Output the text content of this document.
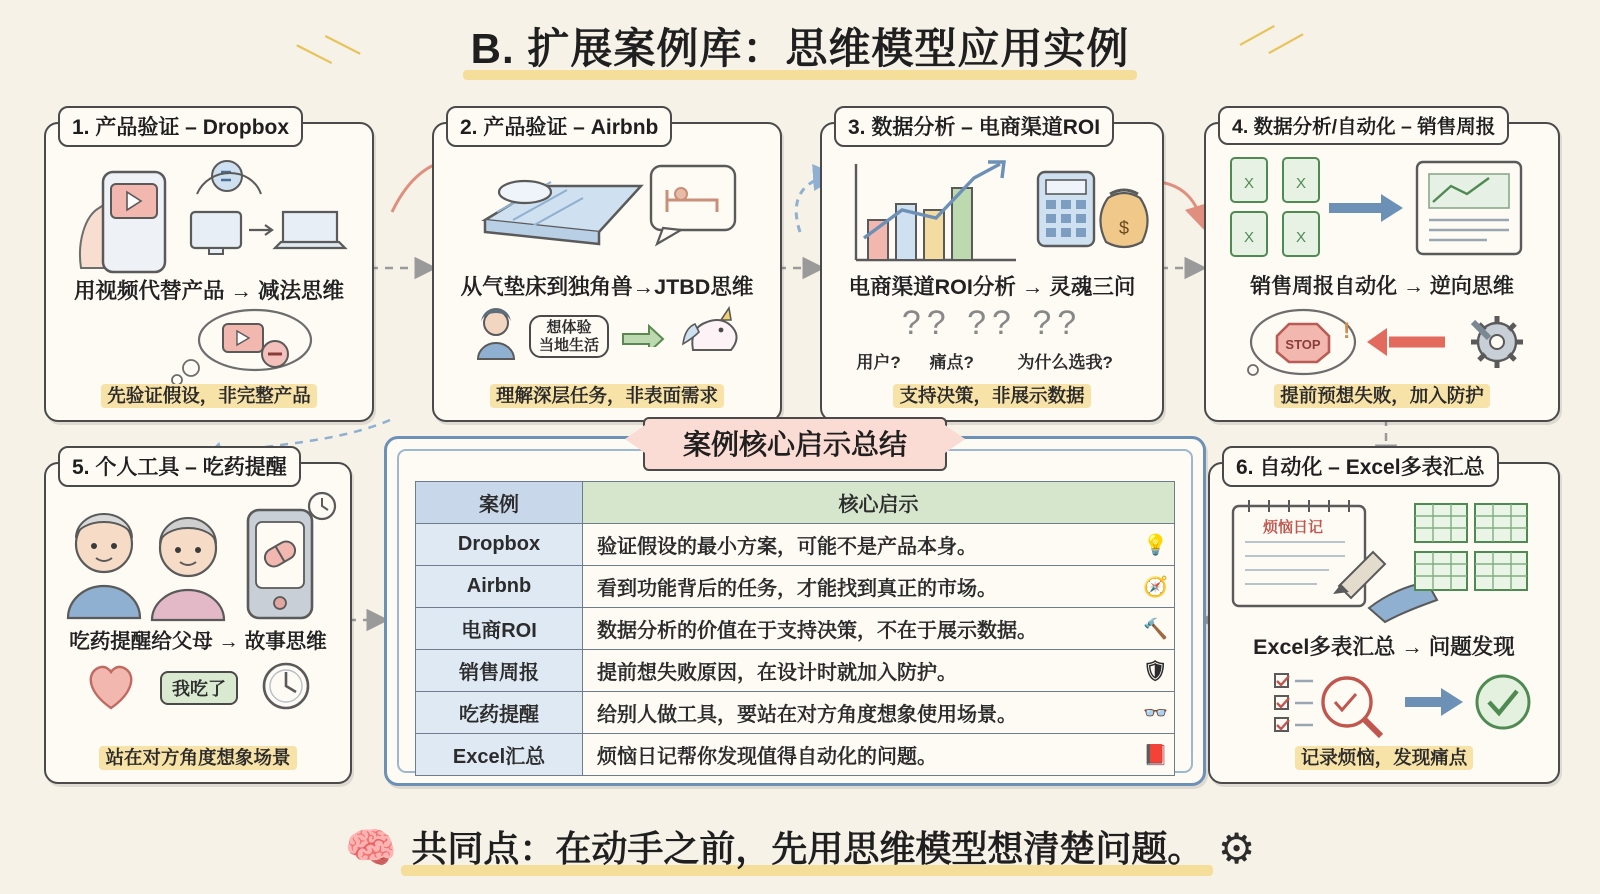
B. 扩展案例库：思维模型应用实例
＼＼	／／
1. 产品验证 – Dropbox
用视频代替产品 → 减法思维
先验证假设，非完整产品
2. 产品验证 – Airbnb
从气垫床到独角兽→JTBD思维
	想体验
当地生活		
理解深层任务，非表面需求
3. 数据分析 – 电商渠道ROI
$
电商渠道ROI分析 → 灵魂三问
?? ?? ??
用户?	痛点?	为什么选我?
支持决策，非展示数据
4. 数据分析/自动化 – 销售周报
X	X
X	X
销售周报自动化 → 逆向思维
STOP
!
提前预想失败，加入防护
5. 个人工具 – 吃药提醒
吃药提醒给父母 → 故事思维
	我吃了	
站在对方角度想象场景
6. 自动化 – Excel多表汇总
烦恼日记
Excel多表汇总 → 问题发现
记录烦恼，发现痛点
案例核心启示总结
案例	核心启示
Dropbox	验证假设的最小方案，可能不是产品本身。 💡

Airbnb	看到功能背后的任务，才能找到真正的市场。 🧭

电商ROI	数据分析的价值在于支持决策，不在于展示数据。 🔨

销售周报	提前想失败原因，在设计时就加入防护。 🛡

吃药提醒	给别人做工具，要站在对方角度想象使用场景。 👓

Excel汇总	烦恼日记帮你发现值得自动化的问题。 📕
🧠 共同点：在动手之前，先用思维模型想清楚问题。 ⚙
